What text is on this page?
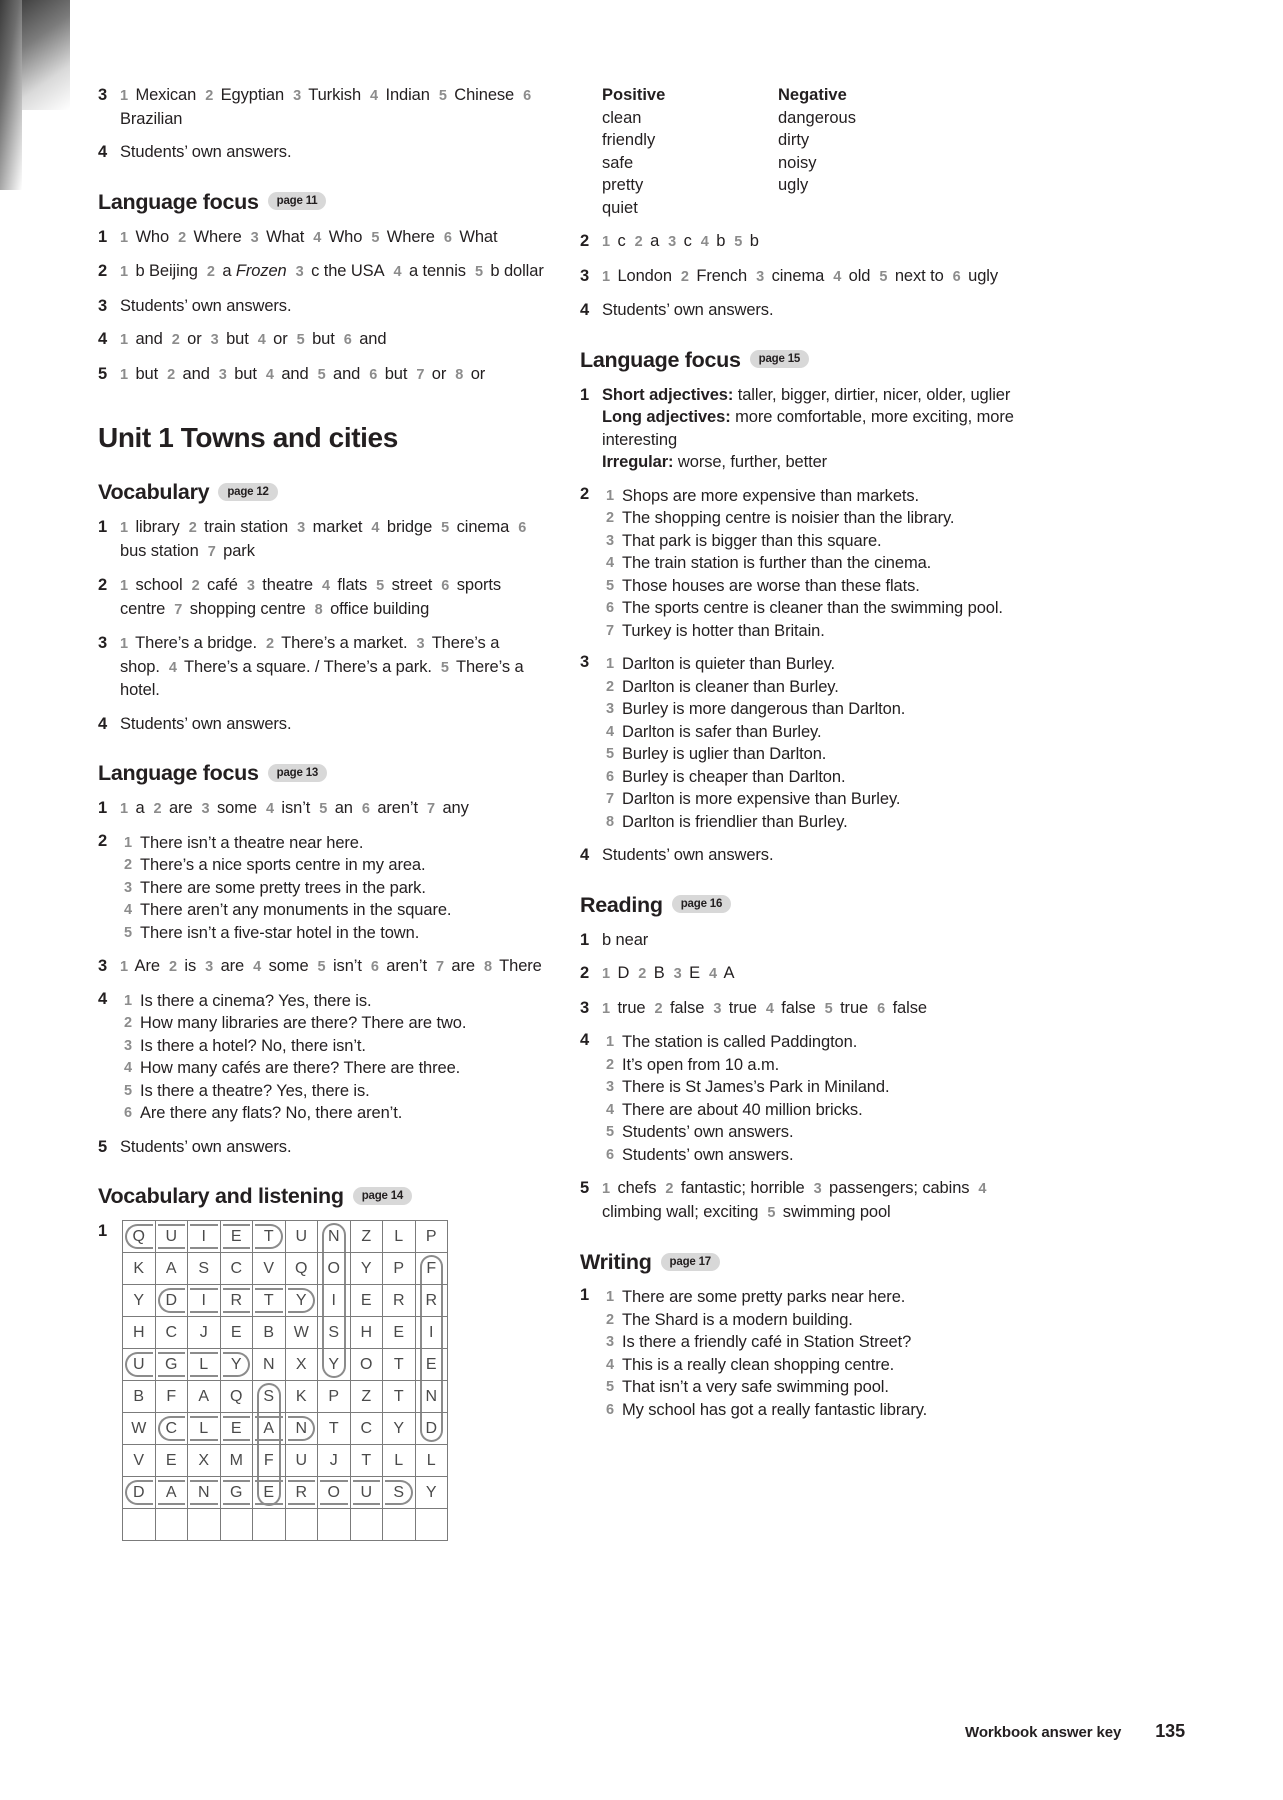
3 1 Mexican 2 Egyptian 3 Turkish 4 Indian 5 Chinese 6 Brazilian
4 Students’ own answers.
Language focus	page 11
1 1 Who 2 Where 3 What 4 Who 5 Where 6 What
2 1 b Beijing 2 a Frozen 3 c the USA 4 a tennis 5 b dollar
3 Students’ own answers.
4 1 and 2 or 3 but 4 or 5 but 6 and
5 1 but 2 and 3 but 4 and 5 and 6 but 7 or 8 or
Unit 1 Towns and cities
Vocabulary	page 12
1 1 library 2 train station 3 market 4 bridge 5 cinema 6 bus station 7 park
2 1 school 2 café 3 theatre 4 flats 5 street 6 sports centre 7 shopping centre 8 office building
3 1 There’s a bridge. 2 There’s a market. 3 There’s a shop. 4 There’s a square. / There’s a park. 5 There’s a hotel.
4 Students’ own answers.
Language focus	page 13
1 1 a 2 are 3 some 4 isn’t 5 an 6 aren’t 7 any
2 1 There isn’t a theatre near here.
2 There’s a nice sports centre in my area.
3 There are some pretty trees in the park.
4 There aren’t any monuments in the square.
5 There isn’t a five-star hotel in the town.
3 1 Are 2 is 3 are 4 some 5 isn’t 6 aren’t 7 are 8 There
4 1 Is there a cinema? Yes, there is.
2 How many libraries are there? There are two.
3 Is there a hotel? No, there isn’t.
4 How many cafés are there? There are three.
5 Is there a theatre? Yes, there is.
6 Are there any flats? No, there aren’t.
5 Students’ own answers.
Vocabulary and listening	page 14
1 Q	U	I	E	T	U	N	Z	L	P
K	A	S	C	V	Q	O	Y	P	F
Y	D	I	R	T	Y	I	E	R	R
H	C	J	E	B	W	S	H	E	I

U	G	L	Y	N	X	Y	O	T	E
B	F	A	Q	S	K	P	Z	T	N
W	C	L	E	A	N	T	C	Y	D
V	E	X	M	F	U	J	T	L	L

D	A	N	G	E	R	O	U	S	Y

Positive	Negative
clean	dangerous
friendly	dirty
safe	noisy
pretty	ugly
quiet
2 1 c 2 a 3 c 4 b 5 b
3 1 London 2 French 3 cinema 4 old 5 next to 6 ugly
4 Students’ own answers.
Language focus	page 15
1 Short adjectives: taller, bigger, dirtier, nicer, older, uglier
Long adjectives: more comfortable, more exciting, more interesting
Irregular: worse, further, better
2 1 Shops are more expensive than markets.
2 The shopping centre is noisier than the library.
3 That park is bigger than this square.
4 The train station is further than the cinema.
5 Those houses are worse than these flats.
6 The sports centre is cleaner than the swimming pool.
7 Turkey is hotter than Britain.
3 1 Darlton is quieter than Burley.
2 Darlton is cleaner than Burley.
3 Burley is more dangerous than Darlton.
4 Darlton is safer than Burley.
5 Burley is uglier than Darlton.
6 Burley is cheaper than Darlton.
7 Darlton is more expensive than Burley.
8 Darlton is friendlier than Burley.
4 Students’ own answers.
Reading	page 16
1 b near
2 1 D 2 B 3 E 4 A
3 1 true 2 false 3 true 4 false 5 true 6 false
4 1 The station is called Paddington.
2 It’s open from 10 a.m.
3 There is St James’s Park in Miniland.
4 There are about 40 million bricks.
5 Students’ own answers.
6 Students’ own answers.
5 1 chefs 2 fantastic; horrible 3 passengers; cabins 4 climbing wall; exciting 5 swimming pool
Writing	page 17
1 1 There are some pretty parks near here.
2 The Shard is a modern building.
3 Is there a friendly café in Station Street?
4 This is a really clean shopping centre.
5 That isn’t a very safe swimming pool.
6 My school has got a really fantastic library.
Workbook answer key 135
